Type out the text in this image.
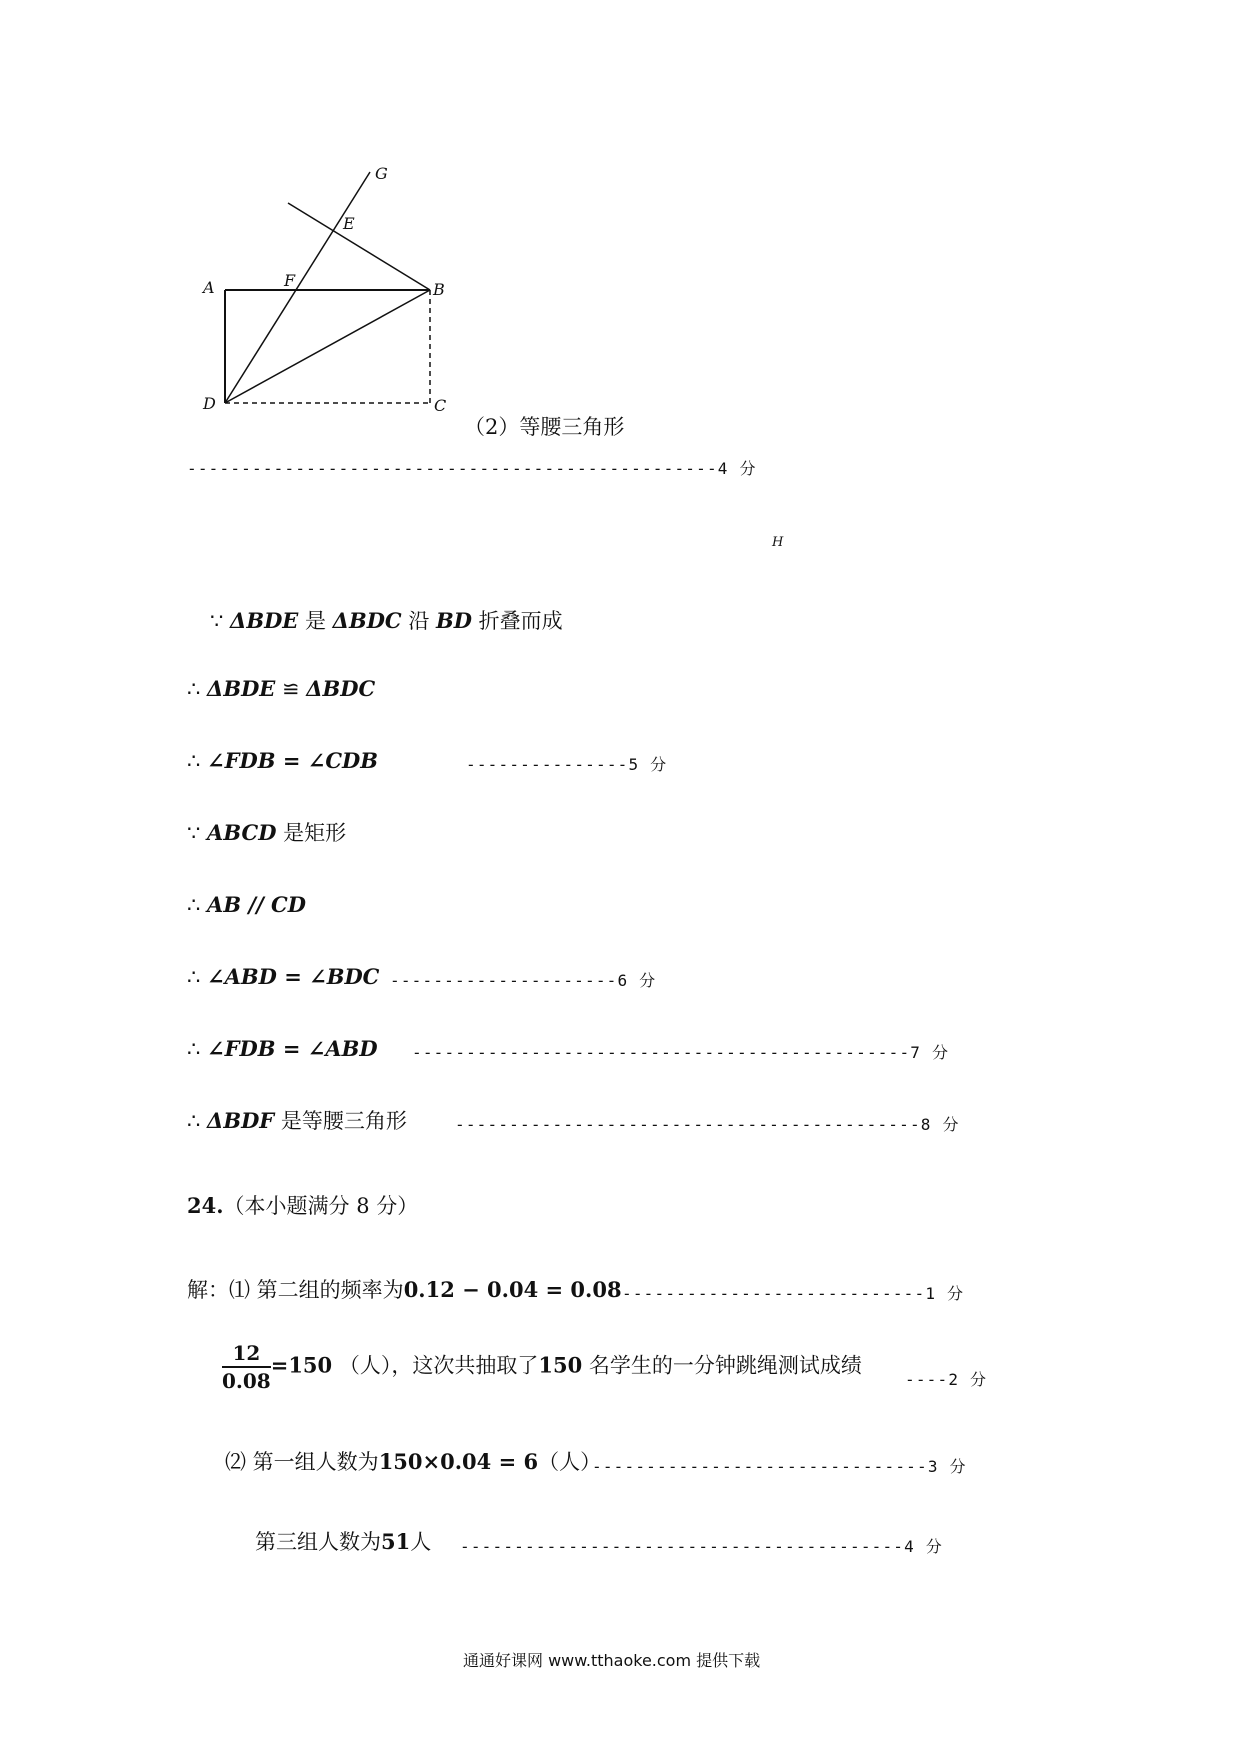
A	B
C
D
E
F
G
（2）等腰三角形
-------------------------------------------------4 分
H
∵ ΔBDE 是 ΔBDC 沿 BD 折叠而成
∴ ΔBDE ≌ ΔBDC
∴ ∠FDB = ∠CDB	---------------5 分
∵ ABCD 是矩形
∴ AB // CD
∴ ∠ABD = ∠BDC ---------------------6 分
∴ ∠FDB = ∠ABD ----------------------------------------------7 分
∴ ΔBDF 是等腰三角形	-------------------------------------------8 分
24.（本小题满分 8 分）
解：⑴ 第二组的频率为0.12 − 0.04 = 0.08 ----------------------------1 分
$\frac{12}{0.08} =150$ （人），这次共抽取了150 名学生的一分钟跳绳测试成绩
----2 分
⑵ 第一组人数为150×0.04 = 6（人）
-------------------------------3 分
第三组人数为51人 -----------------------------------------4 分
通通好课网 www.tthaoke.com 提供下载
